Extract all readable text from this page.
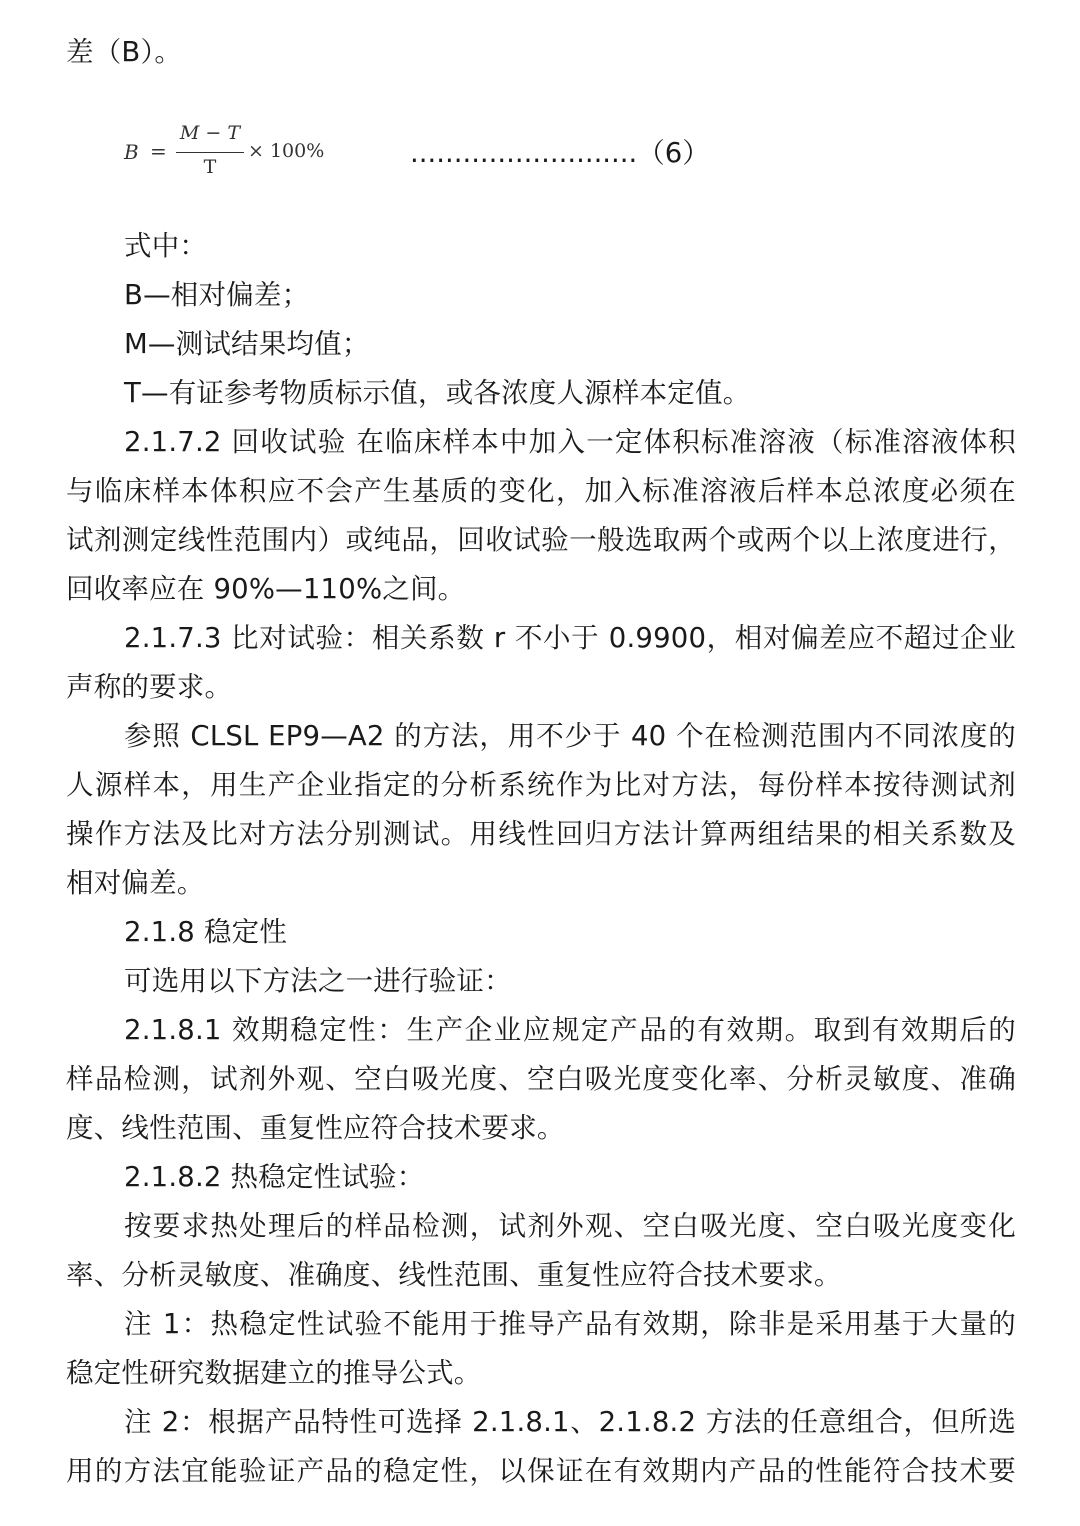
差（B）。
B =
M − T
T
× 100%	..........................（6）
式中：
B—相对偏差；
M—测试结果均值；
T—有证参考物质标示值，或各浓度人源样本定值。
2.1.7.2 回收试验 在临床样本中加入一定体积标准溶液（标准溶液体积
与临床样本体积应不会产生基质的变化，加入标准溶液后样本总浓度必须在
试剂测定线性范围内）或纯品，回收试验一般选取两个或两个以上浓度进行，
回收率应在 90%—110%之间。
2.1.7.3 比对试验：相关系数 r 不小于 0.9900，相对偏差应不超过企业
声称的要求。
参照 CLSL EP9—A2 的方法，用不少于 40 个在检测范围内不同浓度的
人源样本，用生产企业指定的分析系统作为比对方法，每份样本按待测试剂
操作方法及比对方法分别测试。用线性回归方法计算两组结果的相关系数及
相对偏差。
2.1.8 稳定性
可选用以下方法之一进行验证：
2.1.8.1 效期稳定性：生产企业应规定产品的有效期。取到有效期后的
样品检测，试剂外观、空白吸光度、空白吸光度变化率、分析灵敏度、准确
度、线性范围、重复性应符合技术要求。
2.1.8.2 热稳定性试验：
按要求热处理后的样品检测，试剂外观、空白吸光度、空白吸光度变化
率、分析灵敏度、准确度、线性范围、重复性应符合技术要求。
注 1：热稳定性试验不能用于推导产品有效期，除非是采用基于大量的
稳定性研究数据建立的推导公式。
注 2：根据产品特性可选择 2.1.8.1、2.1.8.2 方法的任意组合，但所选
用的方法宜能验证产品的稳定性，以保证在有效期内产品的性能符合技术要
